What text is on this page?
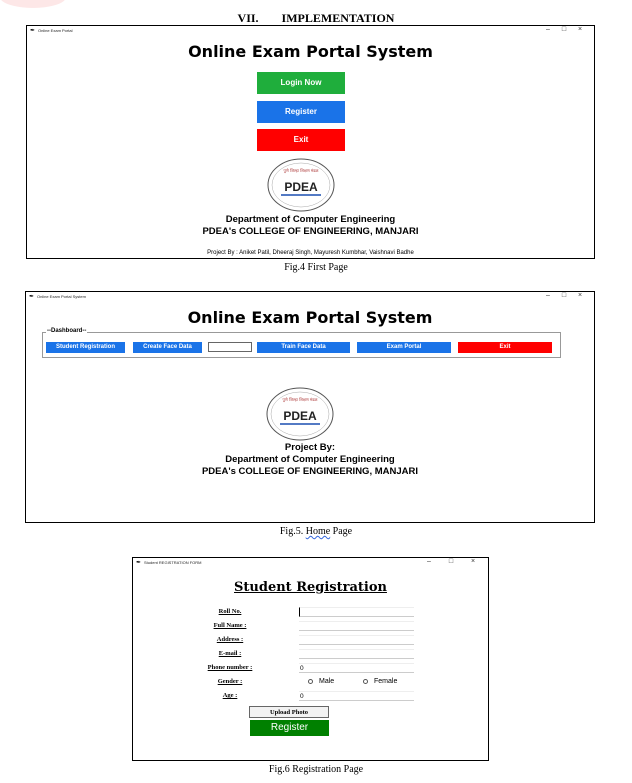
VII. IMPLEMENTATION
✒ Online Exam Portal	– □ ×
Online Exam Portal System
Login Now
Register
Exit
पुणे जिल्हा शिक्षण मंडळ
PDEA
Department of Computer Engineering
PDEA's COLLEGE OF ENGINEERING, MANJARI
Project By : Aniket Patil, Dheeraj Singh, Mayuresh Kumbhar, Vaishnavi Badhe
Fig.4 First Page
✒ Online Exam Portal System	– □ ×
Online Exam Portal System
--Dashboard--
Student Registration	Create Face Data	Train Face Data	Exam Portal	Exit
पुणे जिल्हा शिक्षण मंडळ
PDEA
Project By:
Department of Computer Engineering
PDEA's COLLEGE OF ENGINEERING, MANJARI
Fig.5. Home Page
✒ Student REGISTRATION FORM	–	□	×
Student Registration
Roll No.
Full Name :
Address :
E-mail :
Phone number :	0
Gender :	Male	Female
Age :	0
Upload Photo
Register
Fig.6 Registration Page
